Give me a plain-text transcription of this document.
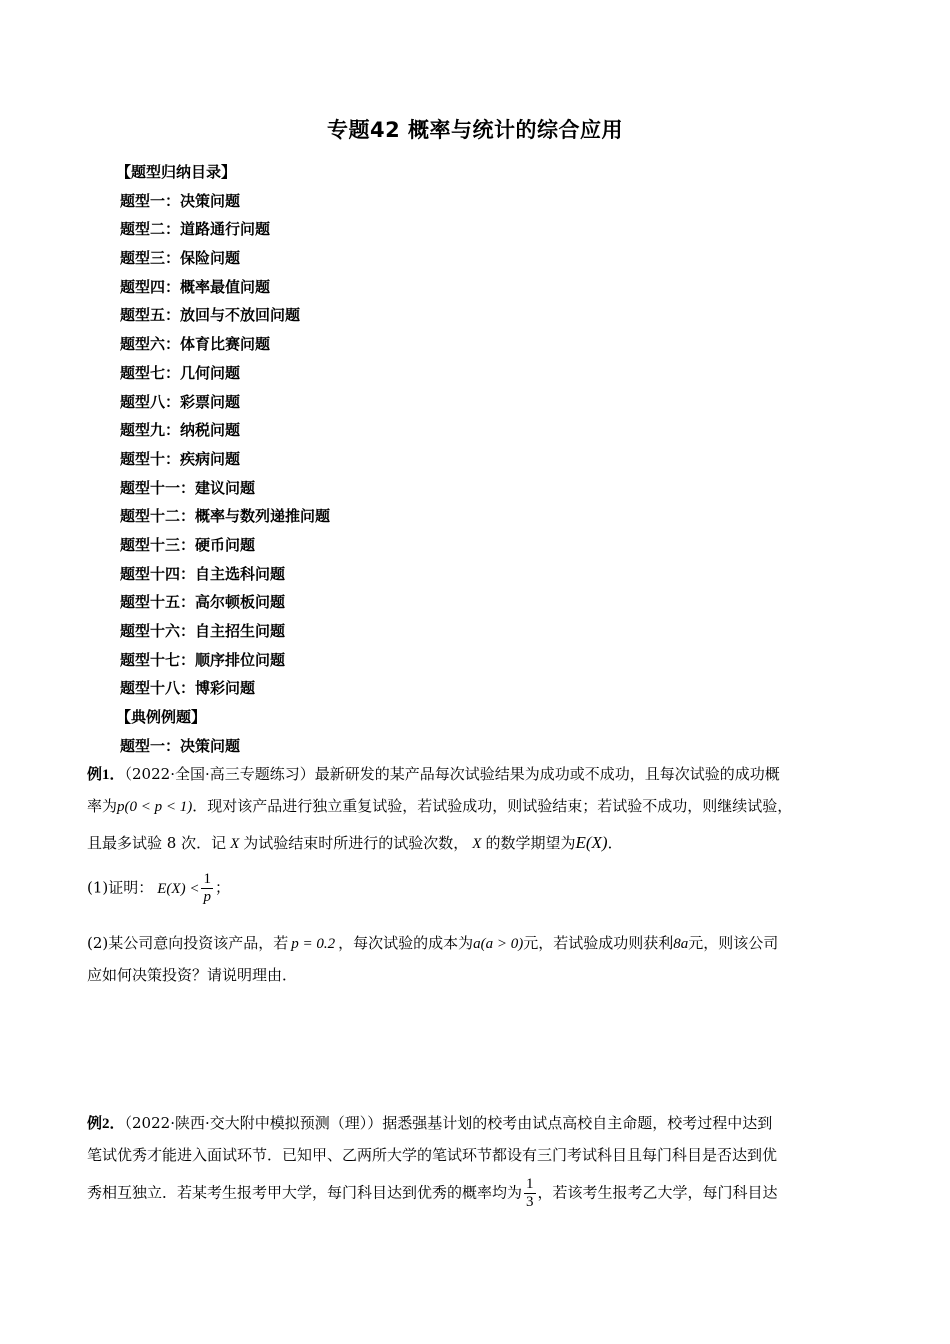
专题42 概率与统计的综合应用
【题型归纳目录】
题型一：决策问题
题型二：道路通行问题
题型三：保险问题
题型四：概率最值问题
题型五：放回与不放回问题
题型六：体育比赛问题
题型七：几何问题
题型八：彩票问题
题型九：纳税问题
题型十：疾病问题
题型十一：建议问题
题型十二：概率与数列递推问题
题型十三：硬币问题
题型十四：自主选科问题
题型十五：高尔顿板问题
题型十六：自主招生问题
题型十七：顺序排位问题
题型十八：博彩问题
【典例例题】
题型一：决策问题
例1．（2022·全国·高三专题练习）最新研发的某产品每次试验结果为成功或不成功，且每次试验的成功概
率为p(0 < p < 1)．现对该产品进行独立重复试验，若试验成功，则试验结束；若试验不成功，则继续试验，
且最多试验 8 次．记 X 为试验结束时所进行的试验次数， X 的数学期望为E(X)．
(1)证明： $E(X) < \frac{1}{p}$ ；
(2)某公司意向投资该产品，若 p = 0.2 ，每次试验的成本为a(a > 0)元，若试验成功则获利8a元，则该公司
应如何决策投资？请说明理由．
例2．（2022·陕西·交大附中模拟预测（理））据悉强基计划的校考由试点高校自主命题，校考过程中达到
笔试优秀才能进入面试环节．已知甲、乙两所大学的笔试环节都设有三门考试科目且每门科目是否达到优
秀相互独立．若某考生报考甲大学，每门科目达到优秀的概率均为 $\frac{1}{3}$ ，若该考生报考乙大学，每门科目达
